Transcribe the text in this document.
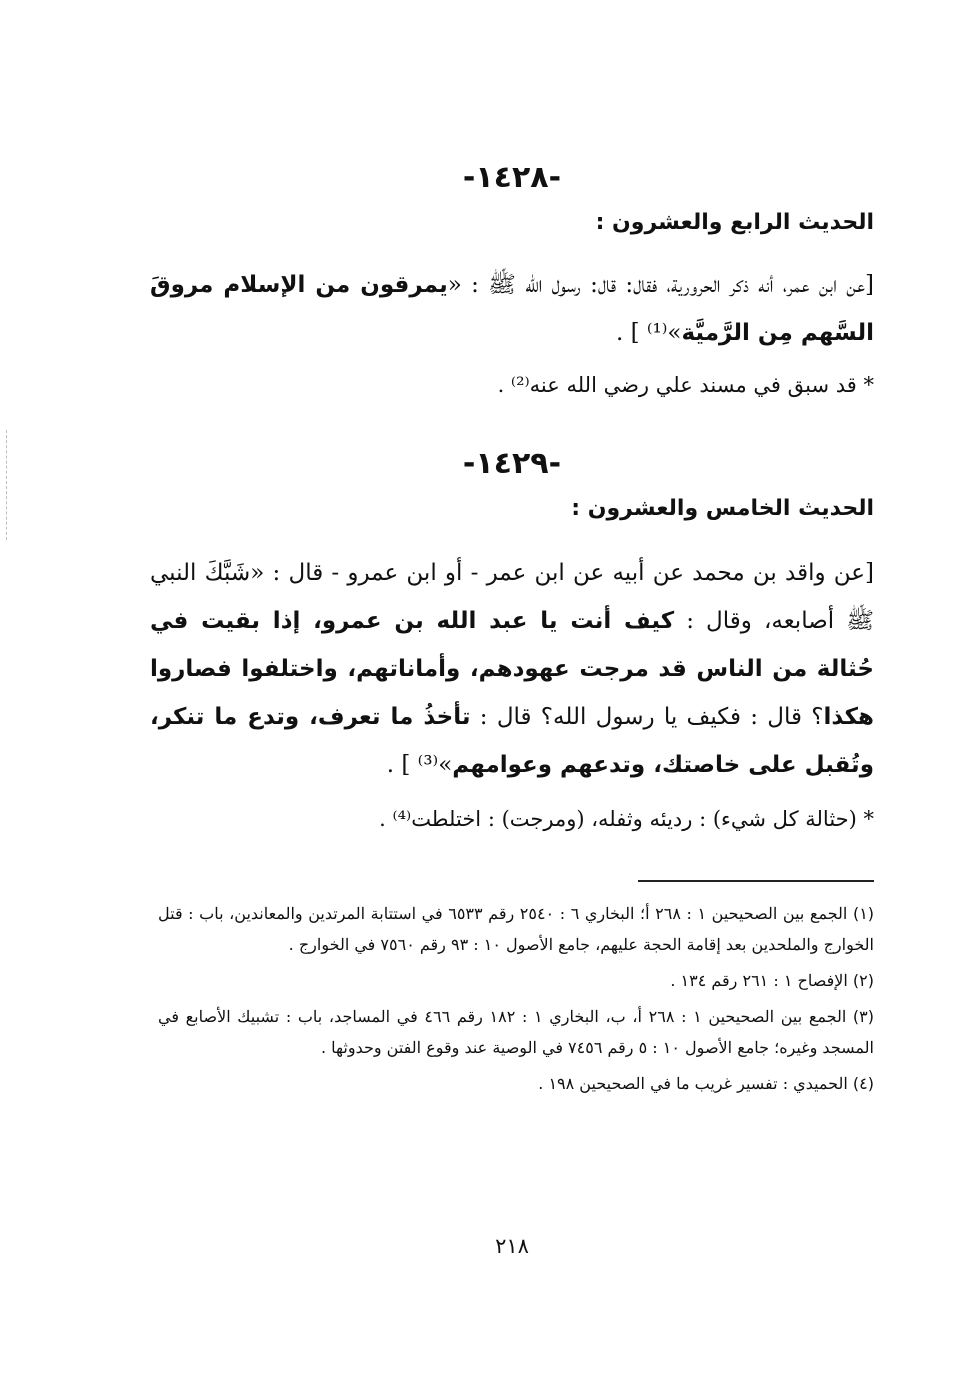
-١٤٢٨-

الحديث الرابع والعشرون :

[عن ابن عمر، أنه ذكر الحرورية، فقال: قال: رسول الله ﷺ : «يمرقون من الإسلام مروقَ السَّهم مِن الرَّميَّة»⁽¹⁾ ] .

* قد سبق في مسند علي رضي الله عنه⁽²⁾ .

-١٤٢٩-

الحديث الخامس والعشرون :

[عن واقد بن محمد عن أبيه عن ابن عمر - أو ابن عمرو - قال : «شَبَّكَ النبي ﷺ أصابعه، وقال : كيف أنت يا عبد الله بن عمرو، إذا بقيت في حُثالة من الناس قد مرجت عهودهم، وأماناتهم، واختلفوا فصاروا هكذا؟ قال : فكيف يا رسول الله؟ قال : تأخذُ ما تعرف، وتدع ما تنكر، وتُقبل على خاصتك، وتدعهم وعوامهم»⁽³⁾ ] .

* (حثالة كل شيء) : رديئه وثفله، (ومرجت) : اختلطت⁽⁴⁾ .

(١) الجمع بين الصحيحين ١ : ٢٦٨ أ؛ البخاري ٦ : ٢٥٤٠ رقم ٦٥٣٣ في استتابة المرتدين والمعاندين، باب : قتل الخوارج والملحدين بعد إقامة الحجة عليهم، جامع الأصول ١٠ : ٩٣ رقم ٧٥٦٠ في الخوارج .

(٢) الإفصاح ١ : ٢٦١ رقم ١٣٤ .

(٣) الجمع بين الصحيحين ١ : ٢٦٨ أ، ب، البخاري ١ : ١٨٢ رقم ٤٦٦ في المساجد، باب : تشبيك الأصابع في المسجد وغيره؛ جامع الأصول ١٠ : ٥ رقم ٧٤٥٦ في الوصية عند وقوع الفتن وحدوثها .

(٤) الحميدي : تفسير غريب ما في الصحيحين ١٩٨ .

٢١٨
